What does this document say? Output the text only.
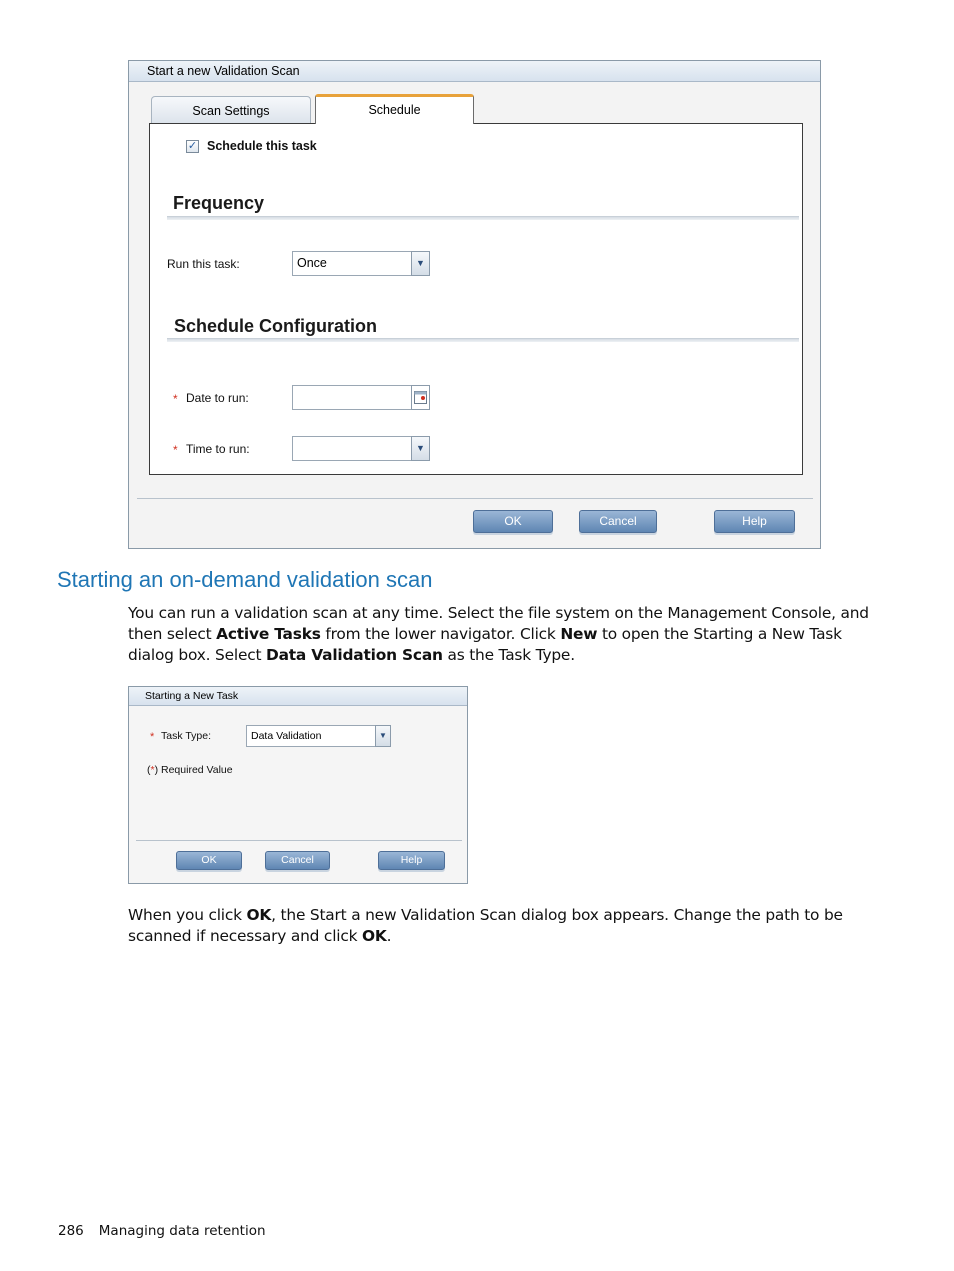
Start a new Validation Scan
Scan Settings	Schedule
✓ Schedule this task
Frequency
Run this task:	Once	▼
Schedule Configuration
* Date to run:
* Time to run:	▼
OK	Cancel	Help
Starting an on-demand validation scan
You can run a validation scan at any time. Select the file system on the Management Console, and then select Active Tasks from the lower navigator. Click New to open the Starting a New Task dialog box. Select Data Validation Scan as the Task Type.
Starting a New Task
* Task Type:	Data Validation	▼
(*) Required Value
OK	Cancel	Help
When you click OK, the Start a new Validation Scan dialog box appears. Change the path to be scanned if necessary and click OK.
286 Managing data retention
